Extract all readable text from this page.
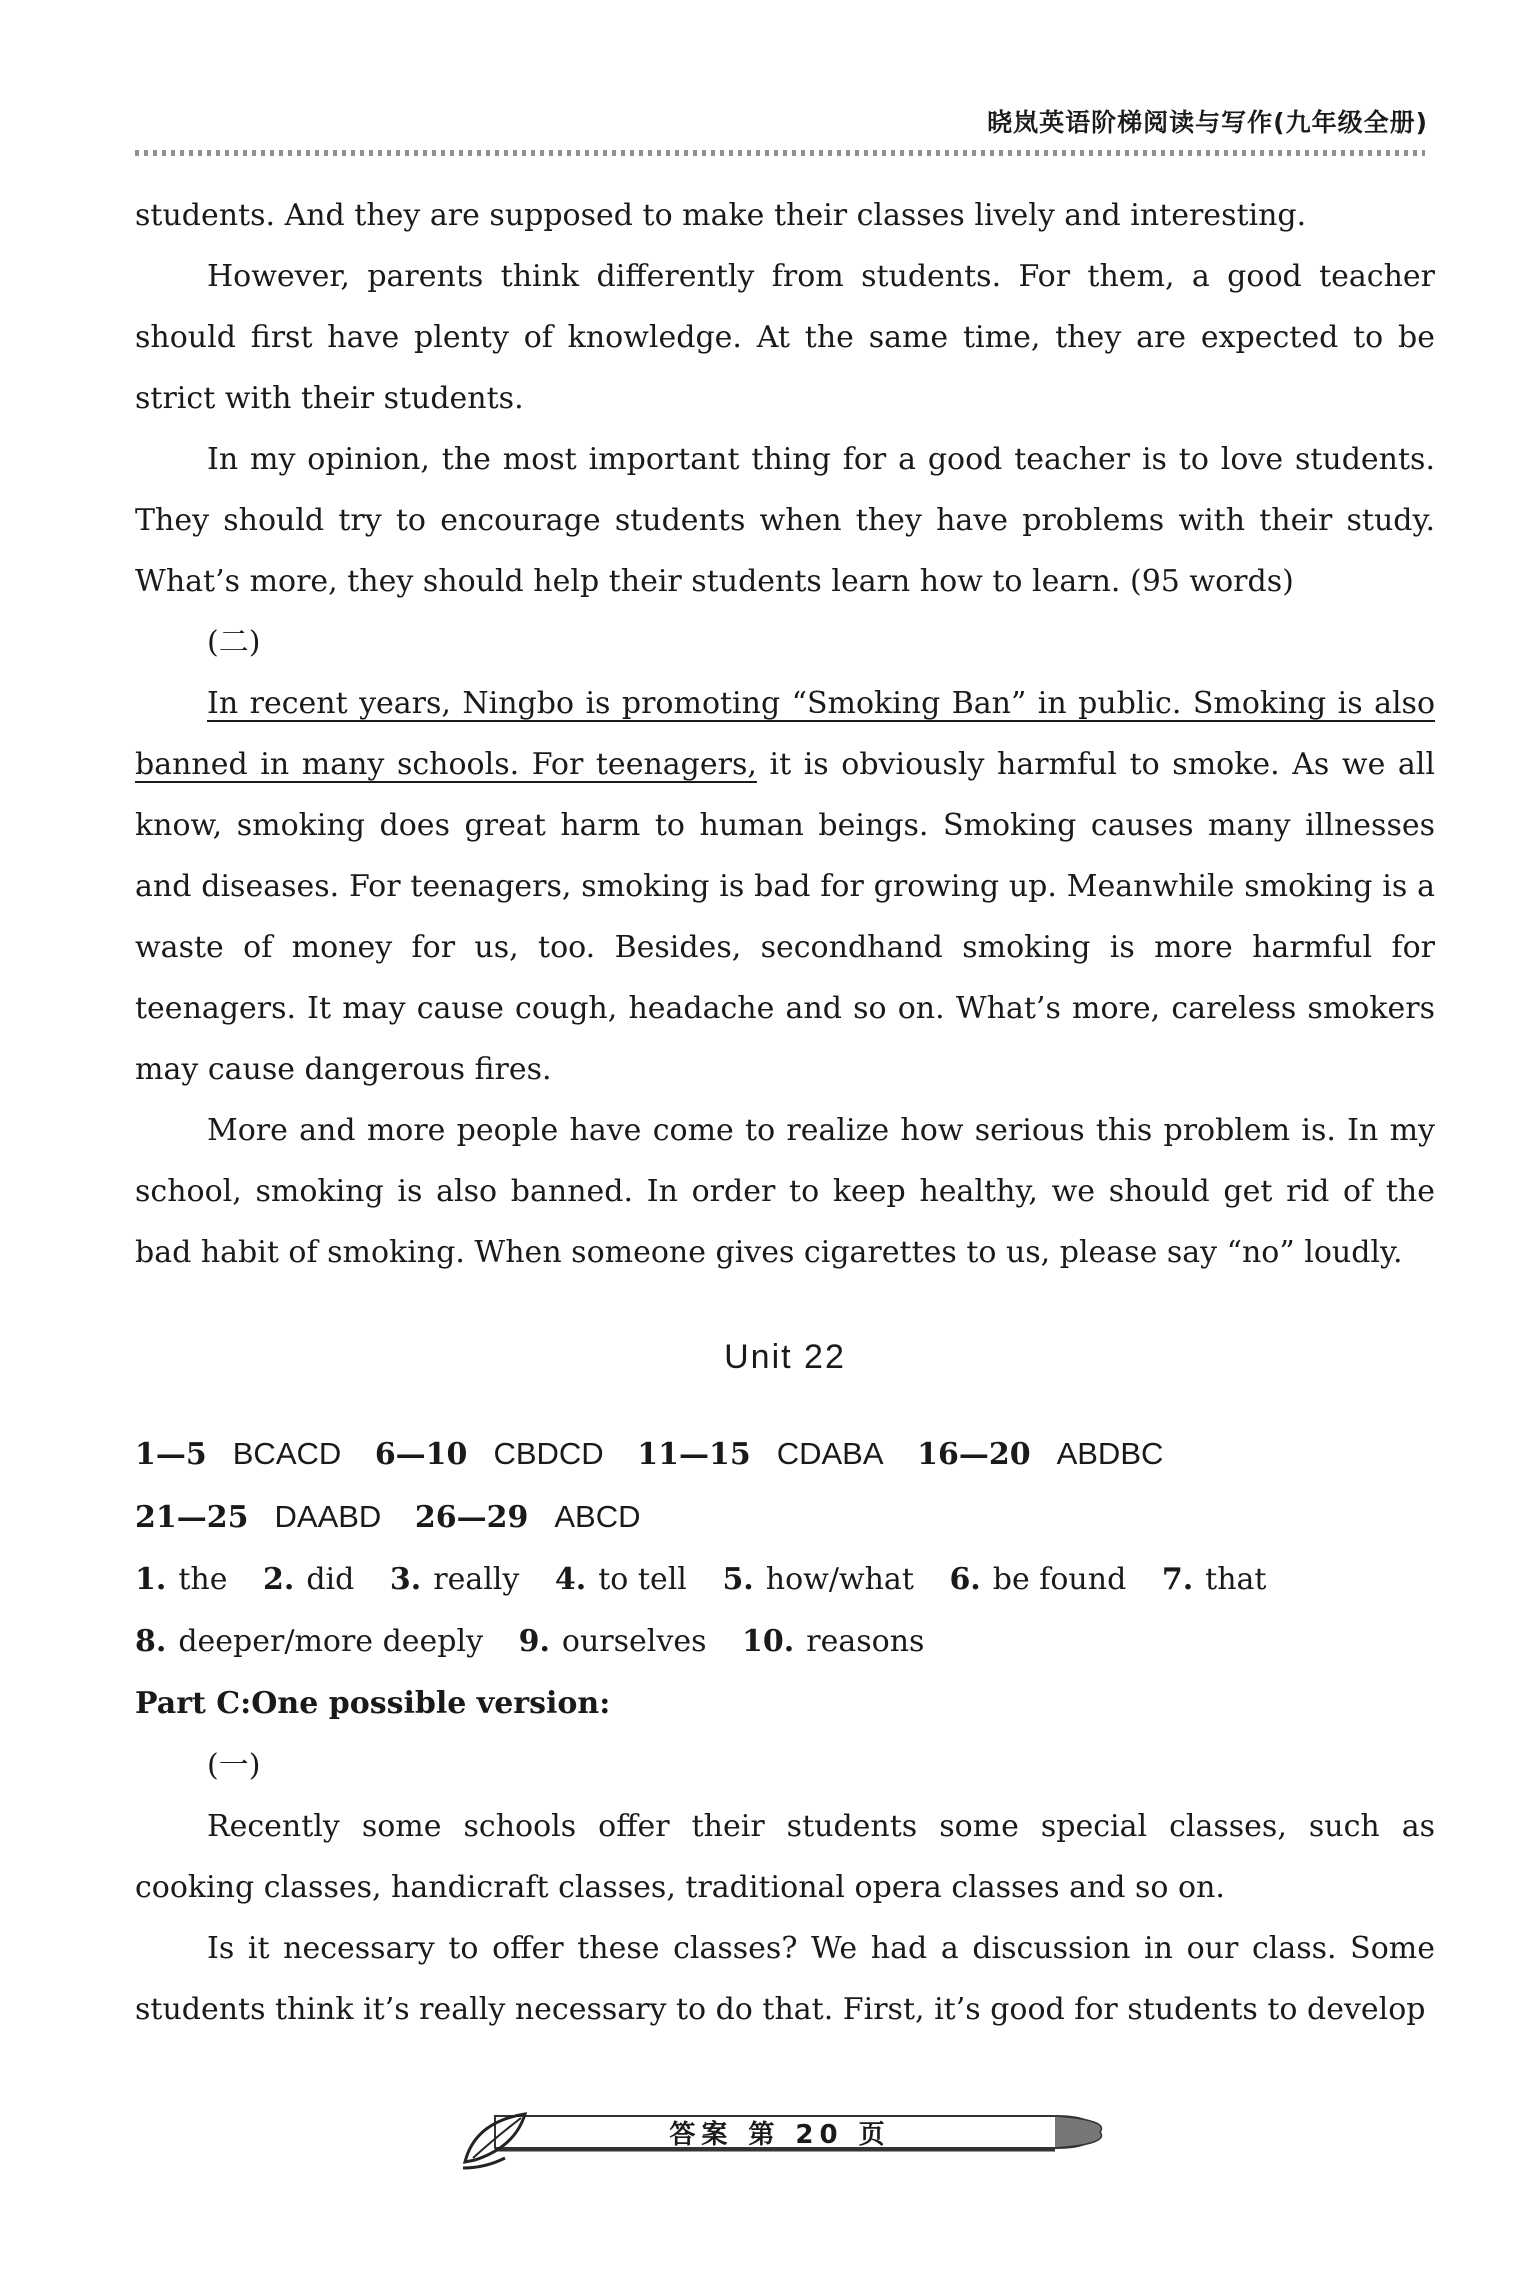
晓岚英语阶梯阅读与写作(九年级全册)

students. And they are supposed to make their classes lively and interesting.

However, parents think differently from students. For them, a good teacher should first have plenty of knowledge. At the same time, they are expected to be strict with their students.

In my opinion, the most important thing for a good teacher is to love students. They should try to encourage students when they have problems with their study. What’s more, they should help their students learn how to learn. (95 words)

(二)

In recent years, Ningbo is promoting “Smoking Ban” in public. Smoking is also banned in many schools. For teenagers, it is obviously harmful to smoke. As we all know, smoking does great harm to human beings. Smoking causes many illnesses and diseases. For teenagers, smoking is bad for growing up. Meanwhile smoking is a waste of money for us, too. Besides, secondhand smoking is more harmful for teenagers. It may cause cough, headache and so on. What’s more, careless smokers may cause dangerous fires.

More and more people have come to realize how serious this problem is. In my school, smoking is also banned. In order to keep healthy, we should get rid of the bad habit of smoking. When someone gives cigarettes to us, please say “no” loudly.

Unit 22
1—5 BCACD 6—10 CBDCD 11—15 CDABA 16—20 ABDBC
21—25 DAABD 26—29 ABCD
1. the 2. did 3. really 4. to tell 5. how/what 6. be found 7. that
8. deeper/more deeply 9. ourselves 10. reasons

Part C:One possible version:

(一)

Recently some schools offer their students some special classes, such as cooking classes, handicraft classes, traditional opera classes and so on.

Is it necessary to offer these classes? We had a discussion in our class. Some students think it’s really necessary to do that. First, it’s good for students to develop

答案 第 20 页
